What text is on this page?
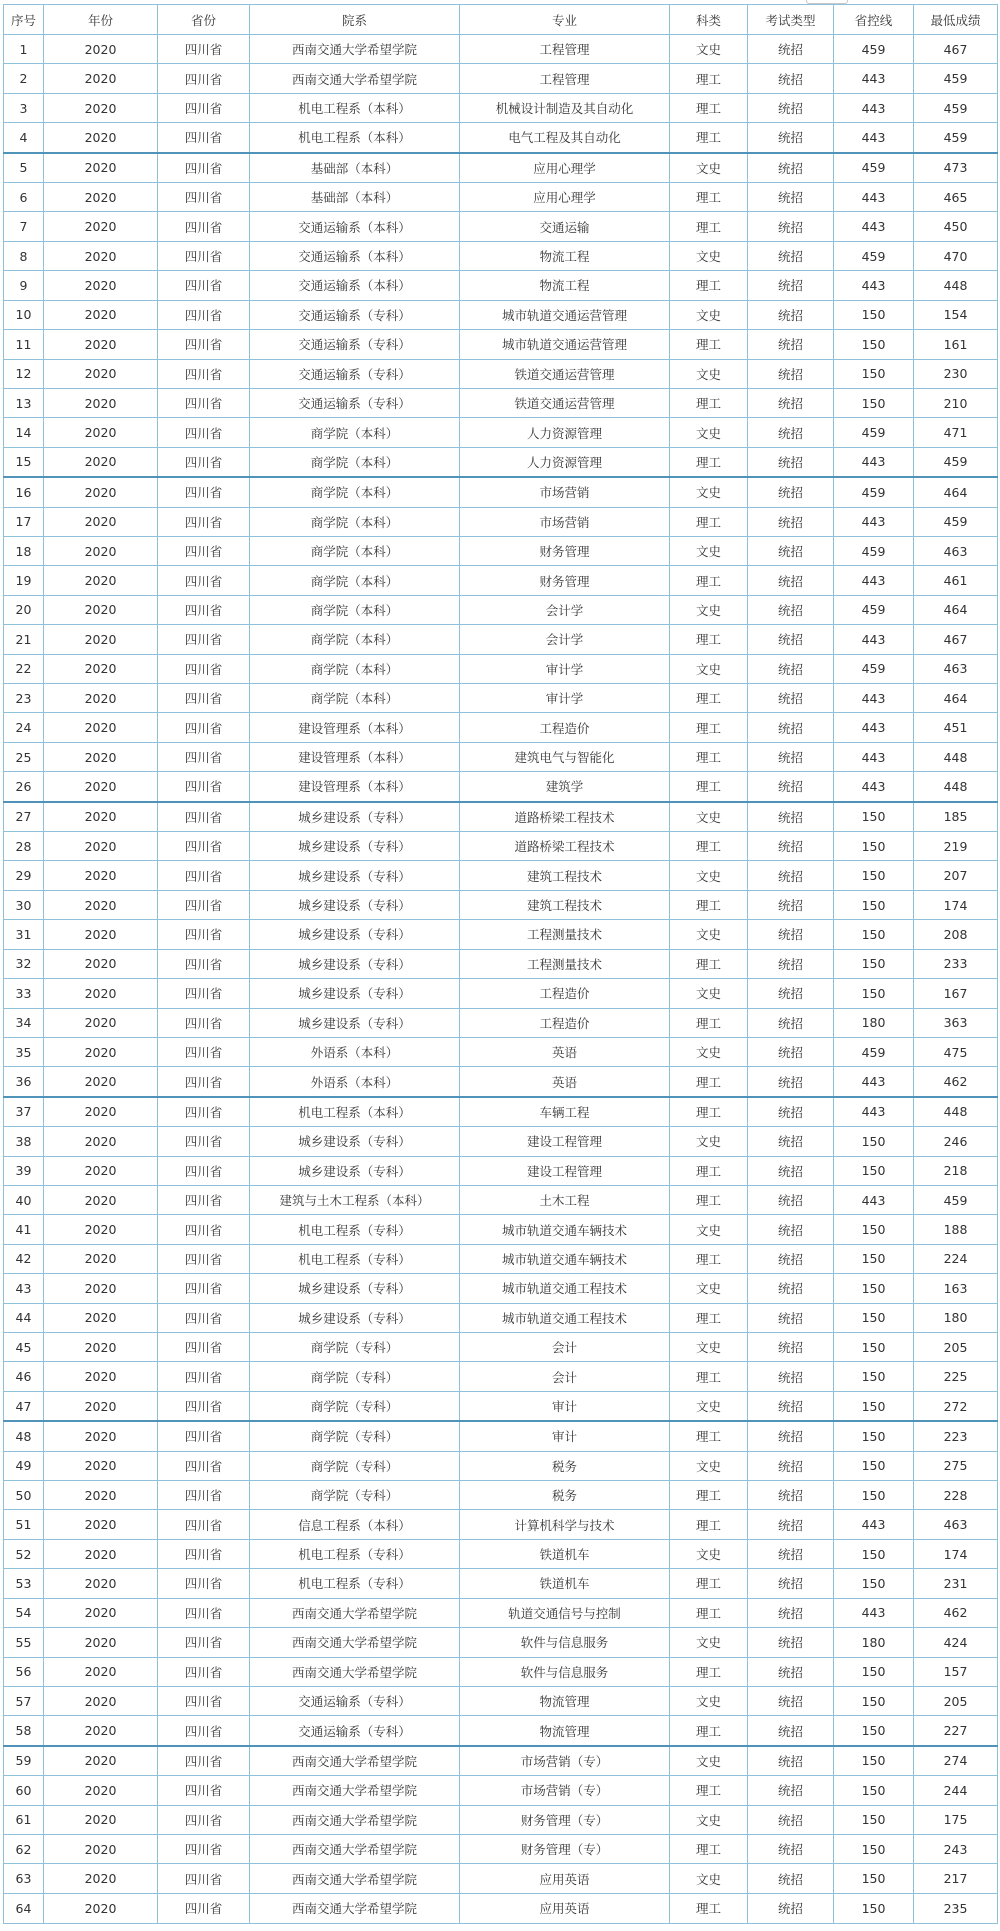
序号	年份	省份	院系	专业	科类	考试类型	省控线	最低成绩
1	2020	四川省	西南交通大学希望学院	工程管理	文史	统招	459	467
2	2020	四川省	西南交通大学希望学院	工程管理	理工	统招	443	459
3	2020	四川省	机电工程系（本科）	机械设计制造及其自动化	理工	统招	443	459
4	2020	四川省	机电工程系（本科）	电气工程及其自动化	理工	统招	443	459
5	2020	四川省	基础部（本科）	应用心理学	文史	统招	459	473
6	2020	四川省	基础部（本科）	应用心理学	理工	统招	443	465
7	2020	四川省	交通运输系（本科）	交通运输	理工	统招	443	450
8	2020	四川省	交通运输系（本科）	物流工程	文史	统招	459	470
9	2020	四川省	交通运输系（本科）	物流工程	理工	统招	443	448
10	2020	四川省	交通运输系（专科）	城市轨道交通运营管理	文史	统招	150	154
11	2020	四川省	交通运输系（专科）	城市轨道交通运营管理	理工	统招	150	161
12	2020	四川省	交通运输系（专科）	铁道交通运营管理	文史	统招	150	230
13	2020	四川省	交通运输系（专科）	铁道交通运营管理	理工	统招	150	210
14	2020	四川省	商学院（本科）	人力资源管理	文史	统招	459	471
15	2020	四川省	商学院（本科）	人力资源管理	理工	统招	443	459
16	2020	四川省	商学院（本科）	市场营销	文史	统招	459	464
17	2020	四川省	商学院（本科）	市场营销	理工	统招	443	459
18	2020	四川省	商学院（本科）	财务管理	文史	统招	459	463
19	2020	四川省	商学院（本科）	财务管理	理工	统招	443	461
20	2020	四川省	商学院（本科）	会计学	文史	统招	459	464
21	2020	四川省	商学院（本科）	会计学	理工	统招	443	467
22	2020	四川省	商学院（本科）	审计学	文史	统招	459	463
23	2020	四川省	商学院（本科）	审计学	理工	统招	443	464
24	2020	四川省	建设管理系（本科）	工程造价	理工	统招	443	451
25	2020	四川省	建设管理系（本科）	建筑电气与智能化	理工	统招	443	448
26	2020	四川省	建设管理系（本科）	建筑学	理工	统招	443	448
27	2020	四川省	城乡建设系（专科）	道路桥梁工程技术	文史	统招	150	185
28	2020	四川省	城乡建设系（专科）	道路桥梁工程技术	理工	统招	150	219
29	2020	四川省	城乡建设系（专科）	建筑工程技术	文史	统招	150	207
30	2020	四川省	城乡建设系（专科）	建筑工程技术	理工	统招	150	174
31	2020	四川省	城乡建设系（专科）	工程测量技术	文史	统招	150	208
32	2020	四川省	城乡建设系（专科）	工程测量技术	理工	统招	150	233
33	2020	四川省	城乡建设系（专科）	工程造价	文史	统招	150	167
34	2020	四川省	城乡建设系（专科）	工程造价	理工	统招	180	363
35	2020	四川省	外语系（本科）	英语	文史	统招	459	475
36	2020	四川省	外语系（本科）	英语	理工	统招	443	462
37	2020	四川省	机电工程系（本科）	车辆工程	理工	统招	443	448
38	2020	四川省	城乡建设系（专科）	建设工程管理	文史	统招	150	246
39	2020	四川省	城乡建设系（专科）	建设工程管理	理工	统招	150	218
40	2020	四川省	建筑与土木工程系（本科）	土木工程	理工	统招	443	459
41	2020	四川省	机电工程系（专科）	城市轨道交通车辆技术	文史	统招	150	188
42	2020	四川省	机电工程系（专科）	城市轨道交通车辆技术	理工	统招	150	224
43	2020	四川省	城乡建设系（专科）	城市轨道交通工程技术	文史	统招	150	163
44	2020	四川省	城乡建设系（专科）	城市轨道交通工程技术	理工	统招	150	180
45	2020	四川省	商学院（专科）	会计	文史	统招	150	205
46	2020	四川省	商学院（专科）	会计	理工	统招	150	225
47	2020	四川省	商学院（专科）	审计	文史	统招	150	272
48	2020	四川省	商学院（专科）	审计	理工	统招	150	223
49	2020	四川省	商学院（专科）	税务	文史	统招	150	275
50	2020	四川省	商学院（专科）	税务	理工	统招	150	228
51	2020	四川省	信息工程系（本科）	计算机科学与技术	理工	统招	443	463
52	2020	四川省	机电工程系（专科）	铁道机车	文史	统招	150	174
53	2020	四川省	机电工程系（专科）	铁道机车	理工	统招	150	231
54	2020	四川省	西南交通大学希望学院	轨道交通信号与控制	理工	统招	443	462
55	2020	四川省	西南交通大学希望学院	软件与信息服务	文史	统招	180	424
56	2020	四川省	西南交通大学希望学院	软件与信息服务	理工	统招	150	157
57	2020	四川省	交通运输系（专科）	物流管理	文史	统招	150	205
58	2020	四川省	交通运输系（专科）	物流管理	理工	统招	150	227
59	2020	四川省	西南交通大学希望学院	市场营销（专）	文史	统招	150	274
60	2020	四川省	西南交通大学希望学院	市场营销（专）	理工	统招	150	244
61	2020	四川省	西南交通大学希望学院	财务管理（专）	文史	统招	150	175
62	2020	四川省	西南交通大学希望学院	财务管理（专）	理工	统招	150	243
63	2020	四川省	西南交通大学希望学院	应用英语	文史	统招	150	217
64	2020	四川省	西南交通大学希望学院	应用英语	理工	统招	150	235
